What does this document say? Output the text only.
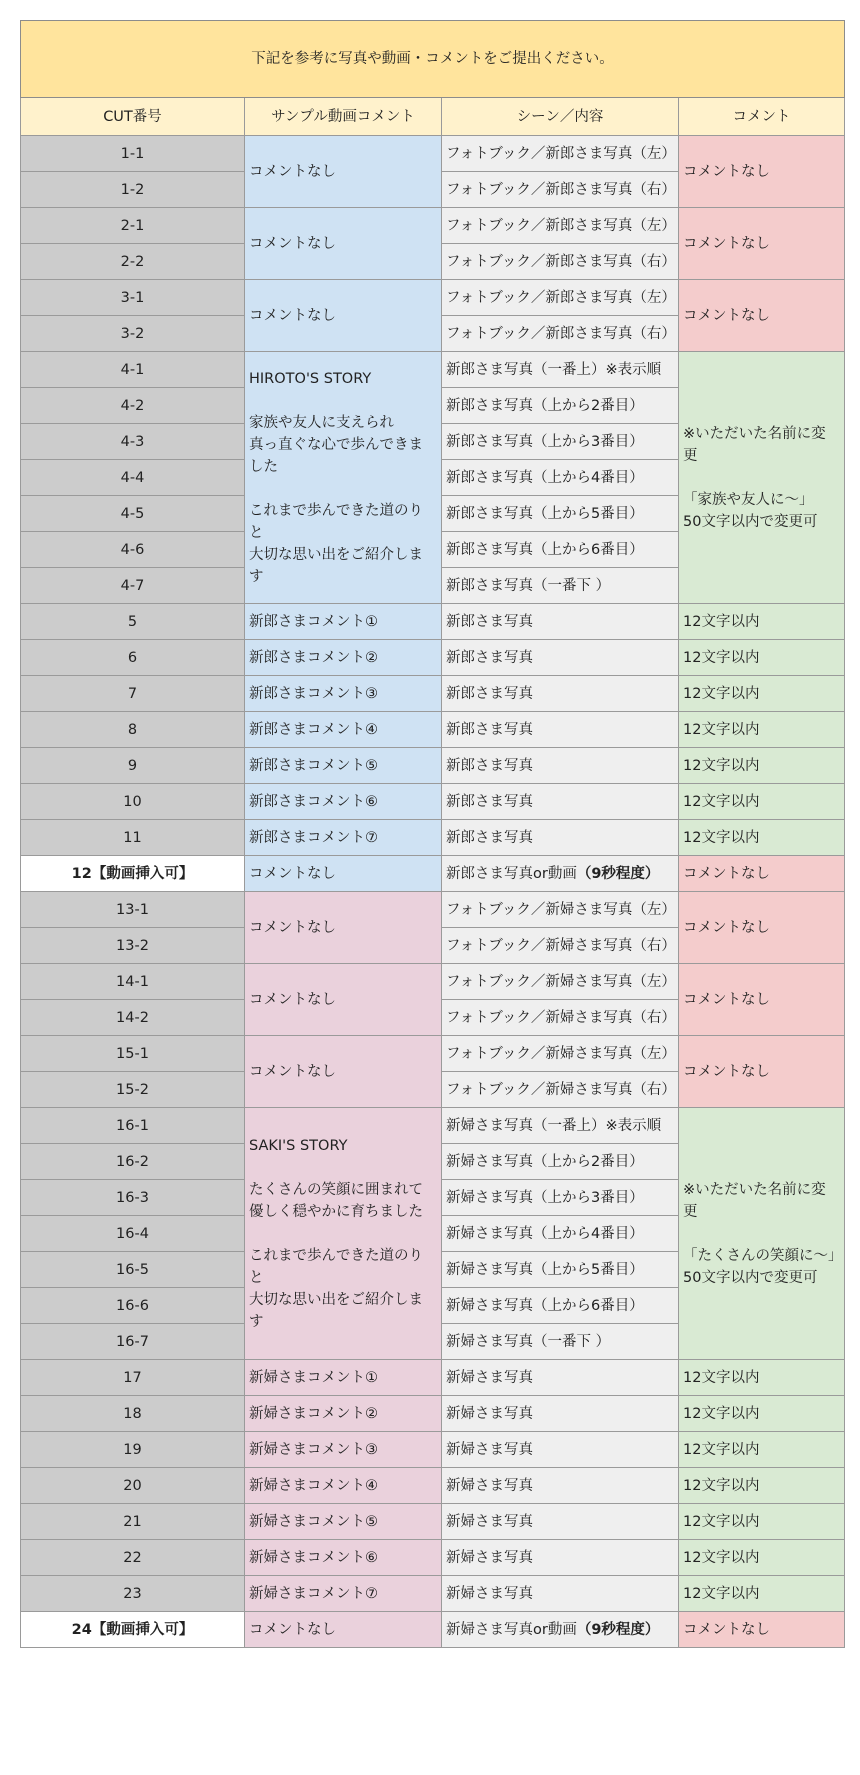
下記を参考に写真や動画・コメントをご提出ください。			
CUT番号	サンプル動画コメント	シーン／内容	コメント
1-1	コメントなし	フォトブック／新郎さま写真（左）	コメントなし
1-2		フォトブック／新郎さま写真（右）	
2-1	コメントなし	フォトブック／新郎さま写真（左）	コメントなし
2-2		フォトブック／新郎さま写真（右）	
3-1	コメントなし	フォトブック／新郎さま写真（左）	コメントなし
3-2		フォトブック／新郎さま写真（右）	
4-1	HIROTO'S STORY
家族や友人に支えられ
真っ直ぐな心で歩んできました
これまで歩んできた道のりと
大切な思い出をご紹介します	新郎さま写真（一番上）※表示順	※いただいた名前に変更
「家族や友人に～」
50文字以内で変更可

4-2		新郎さま写真（上から2番目）	
4-3		新郎さま写真（上から3番目）	
4-4		新郎さま写真（上から4番目）	
4-5		新郎さま写真（上から5番目）	
4-6		新郎さま写真（上から6番目）	
4-7		新郎さま写真（一番下 ）	
5	新郎さまコメント①	新郎さま写真	12文字以内
6	新郎さまコメント②	新郎さま写真	12文字以内
7	新郎さまコメント③	新郎さま写真	12文字以内
8	新郎さまコメント④	新郎さま写真	12文字以内
9	新郎さまコメント⑤	新郎さま写真	12文字以内
10	新郎さまコメント⑥	新郎さま写真	12文字以内
11	新郎さまコメント⑦	新郎さま写真	12文字以内
12【動画挿入可】	コメントなし	新郎さま写真or動画（9秒程度）	コメントなし
13-1	コメントなし	フォトブック／新婦さま写真（左）	コメントなし
13-2		フォトブック／新婦さま写真（右）	
14-1	コメントなし	フォトブック／新婦さま写真（左）	コメントなし
14-2		フォトブック／新婦さま写真（右）	
15-1	コメントなし	フォトブック／新婦さま写真（左）	コメントなし
15-2		フォトブック／新婦さま写真（右）	
16-1	SAKI'S STORY
たくさんの笑顔に囲まれて
優しく穏やかに育ちました
これまで歩んできた道のりと
大切な思い出をご紹介します	新婦さま写真（一番上）※表示順	※いただいた名前に変更
「たくさんの笑顔に～」
50文字以内で変更可

16-2		新婦さま写真（上から2番目）	
16-3		新婦さま写真（上から3番目）	
16-4		新婦さま写真（上から4番目）	
16-5		新婦さま写真（上から5番目）	
16-6		新婦さま写真（上から6番目）	
16-7		新婦さま写真（一番下 ）	
17	新婦さまコメント①	新婦さま写真	12文字以内
18	新婦さまコメント②	新婦さま写真	12文字以内
19	新婦さまコメント③	新婦さま写真	12文字以内
20	新婦さまコメント④	新婦さま写真	12文字以内
21	新婦さまコメント⑤	新婦さま写真	12文字以内
22	新婦さまコメント⑥	新婦さま写真	12文字以内
23	新婦さまコメント⑦	新婦さま写真	12文字以内
24【動画挿入可】	コメントなし	新婦さま写真or動画（9秒程度）	コメントなし
